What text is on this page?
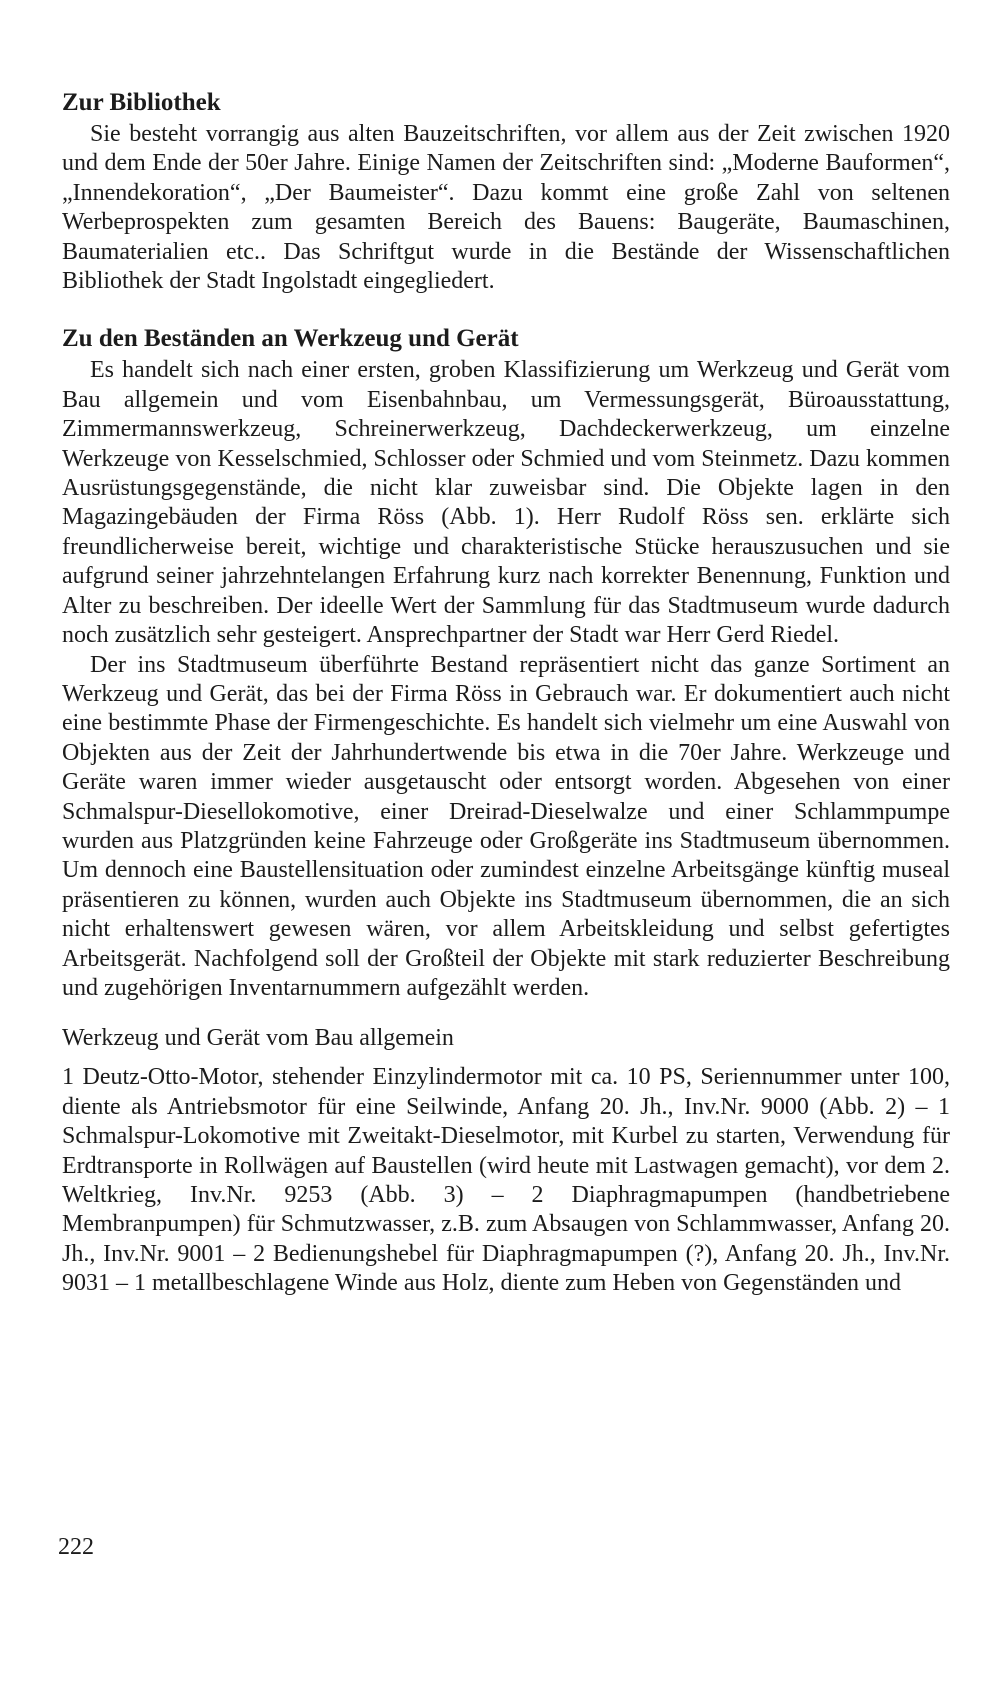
Zur Bibliothek

Sie besteht vorrangig aus alten Bauzeitschriften, vor allem aus der Zeit zwischen 1920 und dem Ende der 50er Jahre. Einige Namen der Zeitschriften sind: „Moderne Bauformen“, „Innendekoration“, „Der Baumeister“. Dazu kommt eine große Zahl von seltenen Werbeprospekten zum gesamten Bereich des Bauens: Baugeräte, Baumaschinen, Baumaterialien etc.. Das Schriftgut wurde in die Bestände der Wissenschaftlichen Bibliothek der Stadt Ingolstadt eingegliedert.

Zu den Beständen an Werkzeug und Gerät

Es handelt sich nach einer ersten, groben Klassifizierung um Werkzeug und Gerät vom Bau allgemein und vom Eisenbahnbau, um Vermessungsgerät, Büroausstattung, Zimmermannswerkzeug, Schreinerwerkzeug, Dachdeckerwerkzeug, um einzelne Werkzeuge von Kesselschmied, Schlosser oder Schmied und vom Steinmetz. Dazu kommen Ausrüstungsgegenstände, die nicht klar zuweisbar sind. Die Objekte lagen in den Magazingebäuden der Firma Röss (Abb. 1). Herr Rudolf Röss sen. erklärte sich freundlicherweise bereit, wichtige und charakteristische Stücke herauszusuchen und sie aufgrund seiner jahrzehntelangen Erfahrung kurz nach korrekter Benennung, Funktion und Alter zu beschreiben. Der ideelle Wert der Sammlung für das Stadtmuseum wurde dadurch noch zusätzlich sehr gesteigert. Ansprechpartner der Stadt war Herr Gerd Riedel.

Der ins Stadtmuseum überführte Bestand repräsentiert nicht das ganze Sortiment an Werkzeug und Gerät, das bei der Firma Röss in Gebrauch war. Er dokumentiert auch nicht eine bestimmte Phase der Firmengeschichte. Es handelt sich vielmehr um eine Auswahl von Objekten aus der Zeit der Jahrhundertwende bis etwa in die 70er Jahre. Werkzeuge und Geräte waren immer wieder ausgetauscht oder entsorgt worden. Abgesehen von einer Schmalspur-Diesellokomotive, einer Dreirad-Dieselwalze und einer Schlammpumpe wurden aus Platzgründen keine Fahrzeuge oder Großgeräte ins Stadtmuseum übernommen. Um dennoch eine Baustellensituation oder zumindest einzelne Arbeitsgänge künftig museal präsentieren zu können, wurden auch Objekte ins Stadtmuseum übernommen, die an sich nicht erhaltenswert gewesen wären, vor allem Arbeitskleidung und selbst gefertigtes Arbeitsgerät. Nachfolgend soll der Großteil der Objekte mit stark reduzierter Beschreibung und zugehörigen Inventarnummern aufgezählt werden.

Werkzeug und Gerät vom Bau allgemein

1 Deutz-Otto-Motor, stehender Einzylindermotor mit ca. 10 PS, Seriennummer unter 100, diente als Antriebsmotor für eine Seilwinde, Anfang 20. Jh., Inv.Nr. 9000 (Abb. 2) – 1 Schmalspur-Lokomotive mit Zweitakt-Dieselmotor, mit Kurbel zu starten, Verwendung für Erdtransporte in Rollwägen auf Baustellen (wird heute mit Lastwagen gemacht), vor dem 2. Weltkrieg, Inv.Nr. 9253 (Abb. 3) – 2 Diaphragmapumpen (handbetriebene Membranpumpen) für Schmutzwasser, z.B. zum Absaugen von Schlammwasser, Anfang 20. Jh., Inv.Nr. 9001 – 2 Bedienungshebel für Diaphragmapumpen (?), Anfang 20. Jh., Inv.Nr. 9031 – 1 metallbeschlagene Winde aus Holz, diente zum Heben von Gegenständen und

222
